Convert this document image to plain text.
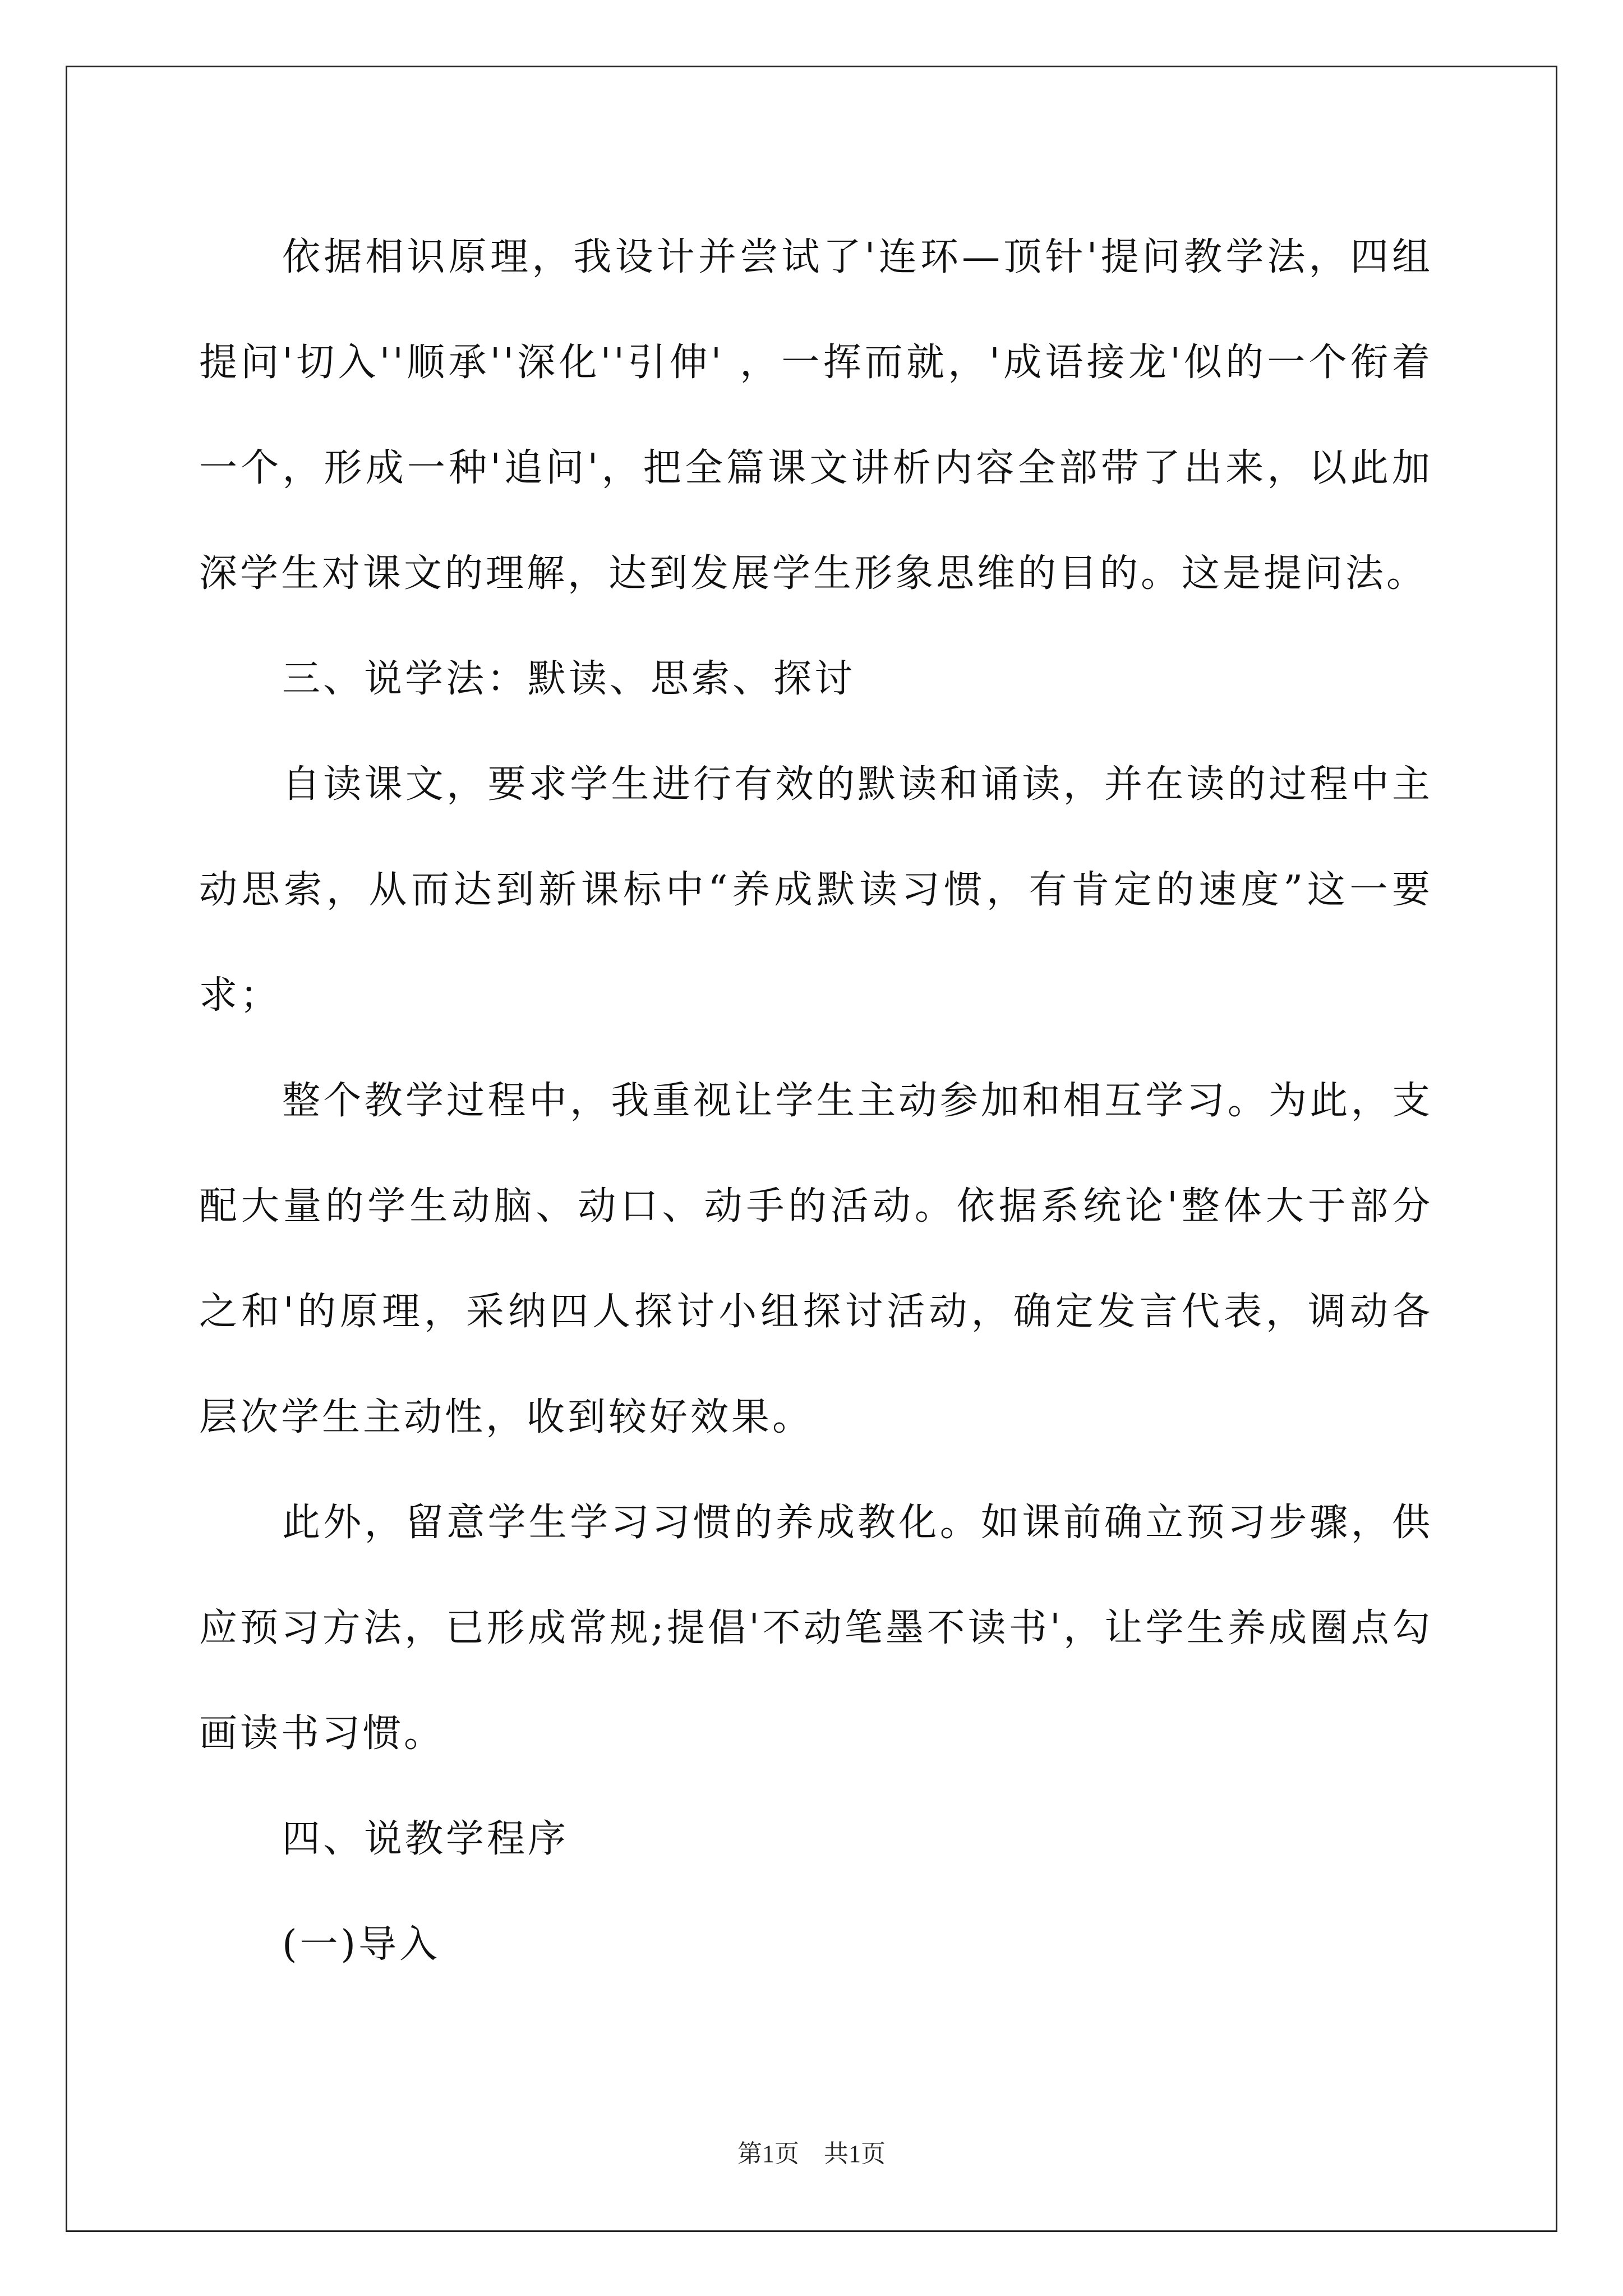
依据相识原理，我设计并尝试了'连环—顶针'提问教学法，四组提问'切入''顺承''深化''引伸' ，一挥而就，'成语接龙'似的一个衔着一个，形成一种'追问'，把全篇课文讲析内容全部带了出来，以此加深学生对课文的理解，达到发展学生形象思维的目的。这是提问法。

三、说学法：默读、思索、探讨

自读课文，要求学生进行有效的默读和诵读，并在读的过程中主动思索，从而达到新课标中“养成默读习惯，有肯定的速度”这一要求；

整个教学过程中，我重视让学生主动参加和相互学习。为此，支配大量的学生动脑、动口、动手的活动。依据系统论'整体大于部分之和'的原理，采纳四人探讨小组探讨活动，确定发言代表，调动各层次学生主动性，收到较好效果。

此外，留意学生学习习惯的养成教化。如课前确立预习步骤，供应预习方法，已形成常规;提倡'不动笔墨不读书'，让学生养成圈点勾画读书习惯。

四、说教学程序

(一)导入

第1页　共1页
